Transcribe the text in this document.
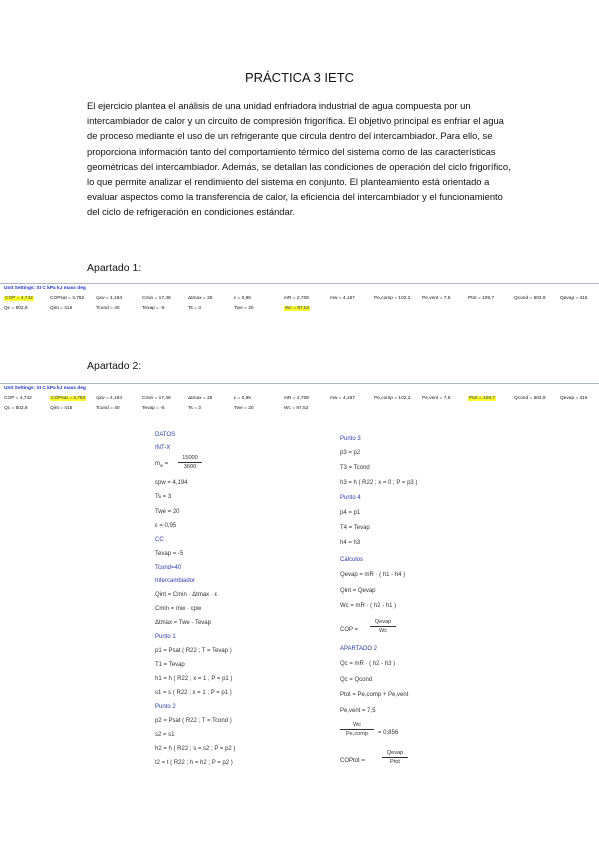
PRÁCTICA 3 IETC
El ejercicio plantea el análisis de una unidad enfriadora industrial de agua compuesta por un intercambiador de calor y un circuito de compresión frigorífica. El objetivo principal es enfriar el agua de proceso mediante el uso de un refrigerante que circula dentro del intercambiador. Para ello, se proporciona información tanto del comportamiento térmico del sistema como de las características geométricas del intercambiador. Además, se detallan las condiciones de operación del ciclo frigorífico, lo que permite analizar el rendimiento del sistema en conjunto. El planteamiento está orientado a evaluar aspectos como la transferencia de calor, la eficiencia del intercambiador y el funcionamiento del ciclo de refrigeración en condiciones estándar.
Apartado 1:
Unit Settings: SI C kPa kJ mass deg
COP = 4,742	COPsat = 3,782 cpw = 4,194	Cmin = 17,48	Δtmax = 25	ε = 0,95	mR = 2,708	mw = 4,167	Pe,comp = 102,2 Pe,vent = 7,5	Ptot = 109,7	Qcond = 502,9	Qevap = 415
Qc = 502,9	Qint = 415	Tcond = 40	Tevap = -5	Ts = 3	Twe = 20	Wc = 87,52
Apartado 2:
Unit Settings: SI C kPa kJ mass deg
COP = 4,742	COPsat = 3,782 cpw = 4,194	Cmin = 17,48	Δtmax = 25	ε = 0,95	mR = 2,708	mw = 4,167	Pe,comp = 102,2 Pe,vent = 7,5	Ptot = 109,7	Qcond = 502,9	Qevap = 415
Qc = 502,9	Qint = 415	Tcond = 40	Tevap = -5	Ts = 3	Twe = 20	Wc = 87,52
DATOS
INT-X
$m_w$ =
15000
3600
cpw = 4,194
Ts = 3
Twe = 20
ε = 0,95
CC
Tevap = -5
Tcond=40
Intercambiador
Qint = Cmin · Δtmax · ε
Cmin = mw · cpw
Δtmax = Twe - Tevap
Punto 1
p1 = Psat ( R22 ; T = Tevap )
T1 = Tevap
h1 = h ( R22 ; x = 1 ; P = p1 )
s1 = s ( R22 ; x = 1 ; P = p1 )
Punto 2
p2 = Psat ( R22 ; T = Tcond )
s2 = s1
h2 = h ( R22 ; s = s2 ; P = p2 )
t2 = t ( R22 ; h = h2 ; P = p2 )
Punto 3
p3 = p2
T3 = Tcond
h3 = h ( R22 ; x = 0 ; P = p3 )
Punto 4
p4 = p1
T4 = Tevap
h4 = h3
Cálculos
Qevap = mR · ( h1 - h4 )
Qint = Qevap
Wc = mR · ( h2 - h1 )
COP =
Qevap
Wc
APARTADO 2
Qc = mR · ( h2 - h3 )
Qc = Qcond
Ptot = Pe,comp + Pe,vent
Pe,vent = 7,5
Wc
Pe,comp	= 0,856
COPtot =
Qevap
Ptot
